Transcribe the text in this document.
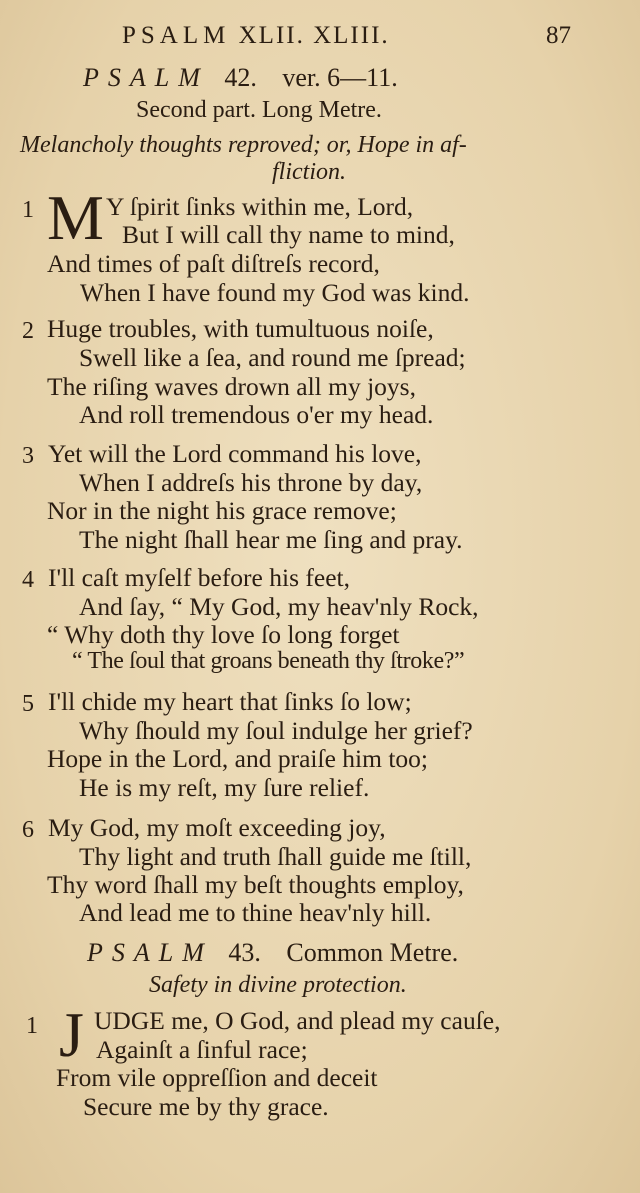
PSALM XLII. XLIII.	87
PSALM 42. ver. 6—11.
Second part. Long Metre.
Melancholy thoughts reproved; or, Hope in af-
fliction.
1 M Y ſpirit ſinks within me, Lord,
But I will call thy name to mind,
And times of paſt diſtreſs record,
When I have found my God was kind.
2 Huge troubles, with tumultuous noiſe,
Swell like a ſea, and round me ſpread;
The riſing waves drown all my joys,
And roll tremendous o'er my head.
3 Yet will the Lord command his love,
When I addreſs his throne by day,
Nor in the night his grace remove;
The night ſhall hear me ſing and pray.
4 I'll caſt myſelf before his feet,
And ſay, “ My God, my heav'nly Rock,
“ Why doth thy love ſo long forget
“ The ſoul that groans beneath thy ſtroke?”
5 I'll chide my heart that ſinks ſo low;
Why ſhould my ſoul indulge her grief?
Hope in the Lord, and praiſe him too;
He is my reſt, my ſure relief.
6 My God, my moſt exceeding joy,
Thy light and truth ſhall guide me ſtill,
Thy word ſhall my beſt thoughts employ,
And lead me to thine heav'nly hill.
PSALM 43. Common Metre.
Safety in divine protection.
1 J UDGE me, O God, and plead my cauſe,
Againſt a ſinful race;
From vile oppreſſion and deceit
Secure me by thy grace.
